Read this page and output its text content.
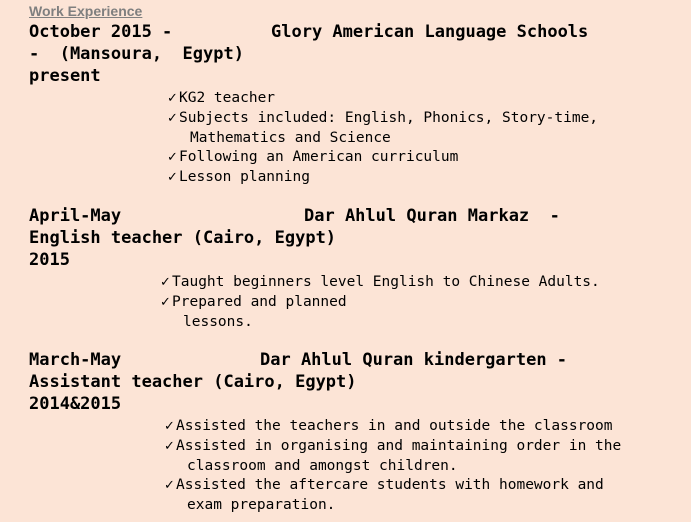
Work Experience
October 2015 -	Glory American Language Schools
-  (Mansoura,  Egypt)
present
✓KG2 teacher
✓Subjects included: English, Phonics, Story-time,
Mathematics and Science
✓Following an American curriculum
✓Lesson planning
April-May	Dar Ahlul Quran Markaz  -
English teacher (Cairo, Egypt)
2015
✓Taught beginners level English to Chinese Adults.
✓Prepared and planned
lessons.
March-May	Dar Ahlul Quran kindergarten -
Assistant teacher (Cairo, Egypt)
2014&2015
✓Assisted the teachers in and outside the classroom
✓Assisted in organising and maintaining order in the
classroom and amongst children.
✓Assisted the aftercare students with homework and
exam preparation.
